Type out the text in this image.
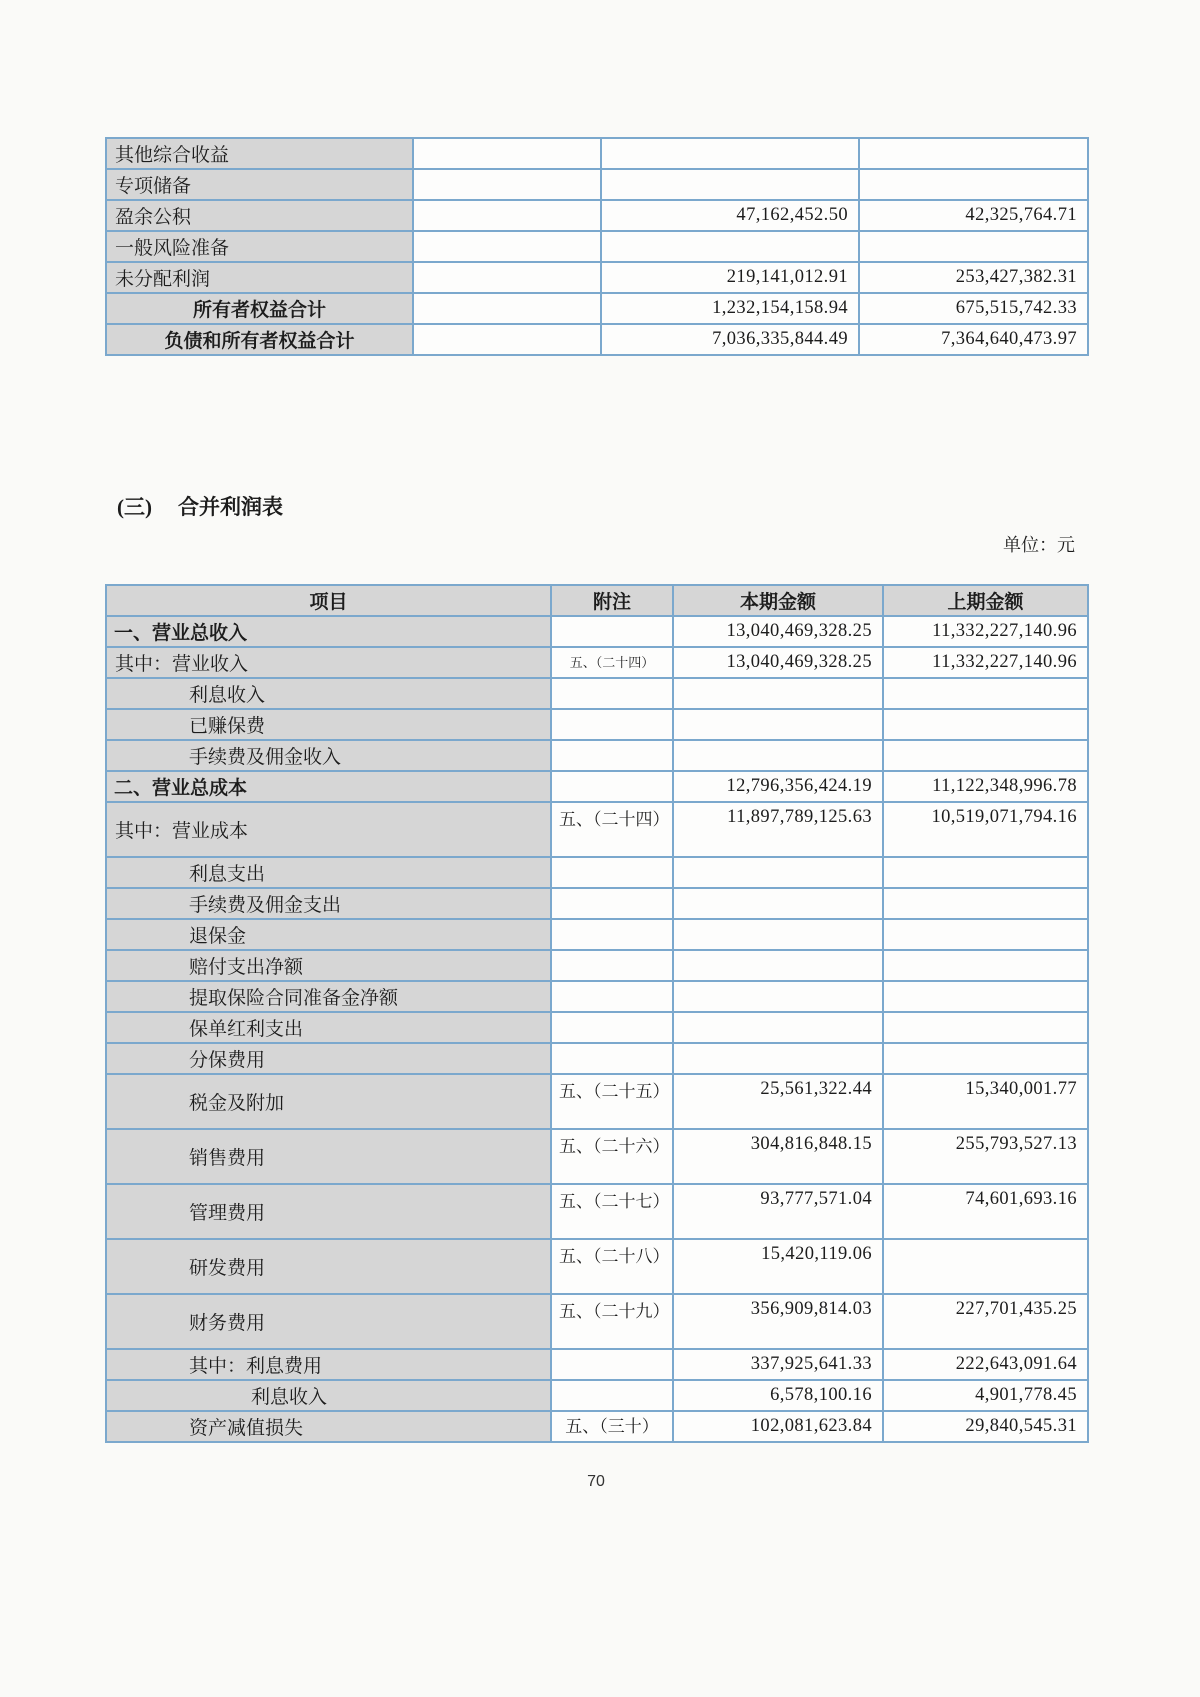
其他综合收益			
专项储备			
盈余公积		47,162,452.50	42,325,764.71
一般风险准备			
未分配利润		219,141,012.91	253,427,382.31
所有者权益合计		1,232,154,158.94	675,515,742.33
负债和所有者权益合计		7,036,335,844.49	7,364,640,473.97
(三) 合并利润表
单位：元
项目	附注	本期金额	上期金额
一、营业总收入		13,040,469,328.25	11,332,227,140.96
其中：营业收入	五、（二十四）	13,040,469,328.25	11,332,227,140.96
利息收入			
已赚保费			
手续费及佣金收入			
二、营业总成本		12,796,356,424.19	11,122,348,996.78
其中：营业成本	五、（二十四）	11,897,789,125.63	10,519,071,794.16
利息支出			
手续费及佣金支出			
退保金			
赔付支出净额			
提取保险合同准备金净额			
保单红利支出			
分保费用			
税金及附加	五、（二十五）	25,561,322.44	15,340,001.77
销售费用	五、（二十六）	304,816,848.15	255,793,527.13
管理费用	五、（二十七）	93,777,571.04	74,601,693.16
研发费用	五、（二十八）	15,420,119.06	
财务费用	五、（二十九）	356,909,814.03	227,701,435.25
其中：利息费用		337,925,641.33	222,643,091.64
利息收入		6,578,100.16	4,901,778.45
资产减值损失	五、（三十）	102,081,623.84	29,840,545.31
70
